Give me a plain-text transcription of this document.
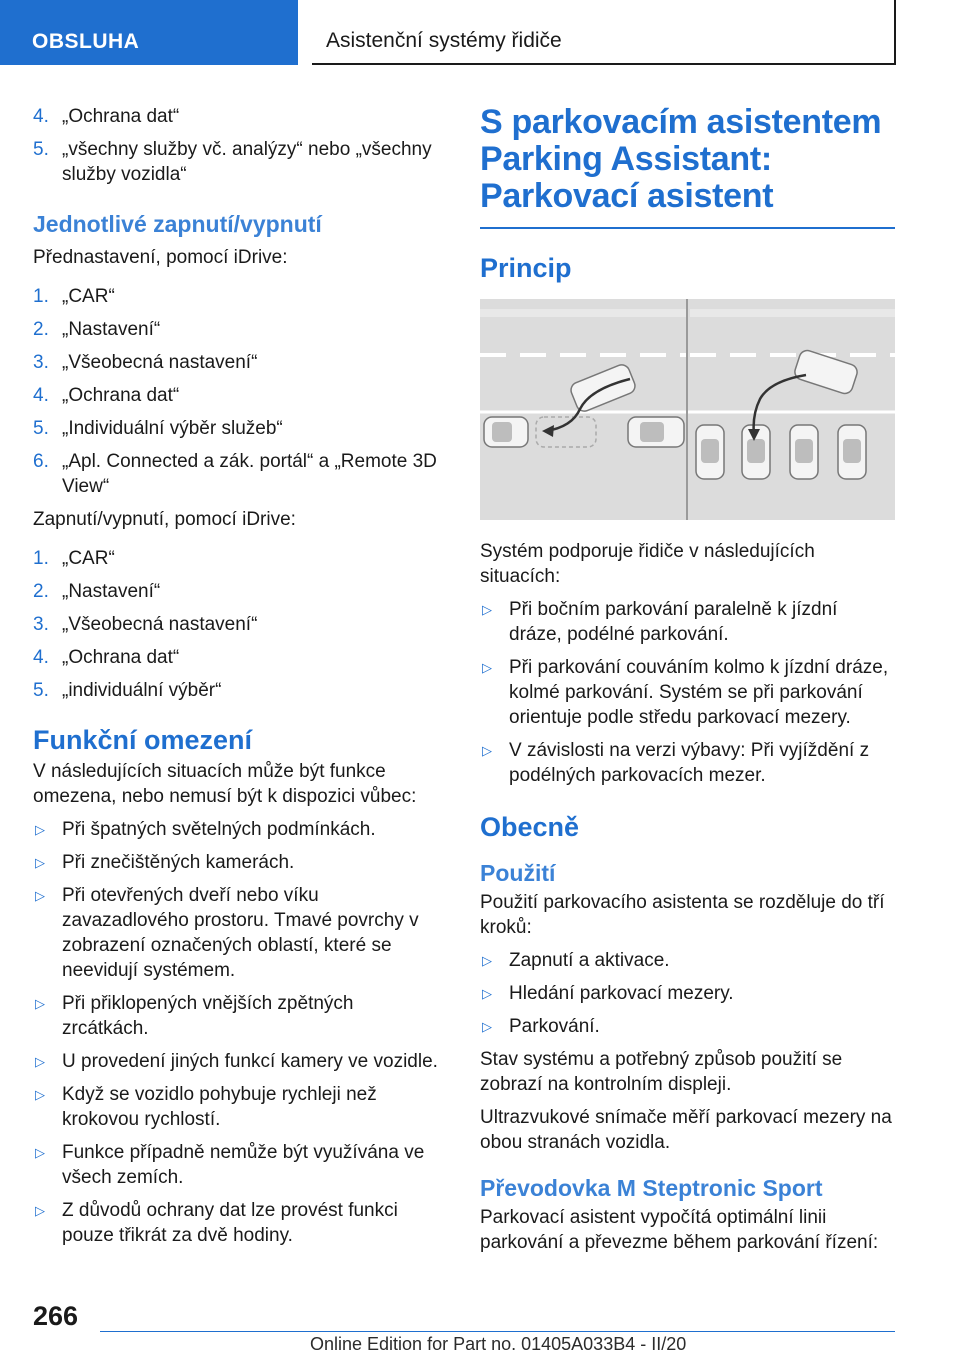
OBSLUHA	Asistenční systémy řidiče
4. „Ochrana dat“
5. „všechny služby vč. analýzy“ nebo „všechny služby vozidla“
Jednotlivé zapnutí/vypnutí

Přednastavení, pomocí iDrive:

1. „CAR“
2. „Nastavení“
3. „Všeobecná nastavení“
4. „Ochrana dat“
5. „Individuální výběr služeb“
6. „Apl. Connected a zák. portál“ a „Remote 3D View“

Zapnutí/vypnutí, pomocí iDrive:

1. „CAR“
2. „Nastavení“
3. „Všeobecná nastavení“
4. „Ochrana dat“
5. „individuální výběr“
Funkční omezení

V následujících situacích může být funkce omezena, nebo nemusí být k dispozici vůbec:

▷ Při špatných světelných podmínkách.
▷ Při znečištěných kamerách.
▷ Při otevřených dveří nebo víku zavazadlového prostoru. Tmavé povrchy v zobrazení označených oblastí, které se neevidují systémem.
▷ Při přiklopených vnějších zpětných zrcátkách.
▷ U provedení jiných funkcí kamery ve vozidle.
▷ Když se vozidlo pohybuje rychleji než krokovou rychlostí.
▷ Funkce případně nemůže být využívána ve všech zemích.
▷ Z důvodů ochrany dat lze provést funkci pouze třikrát za dvě hodiny.
S parkovacím asistentem Parking Assistant: Parkovací asistent
Princip

Systém podporuje řidiče v následujících situacích:

▷ Při bočním parkování paralelně k jízdní dráze, podélné parkování.
▷ Při parkování couváním kolmo k jízdní dráze, kolmé parkování. Systém se při parkování orientuje podle středu parkovací mezery.
▷ V závislosti na verzi výbavy: Při vyjíždění z podélných parkovacích mezer.
Obecně
Použití

Použití parkovacího asistenta se rozděluje do tří kroků:

▷ Zapnutí a aktivace.
▷ Hledání parkovací mezery.
▷ Parkování.

Stav systému a potřebný způsob použití se zobrazí na kontrolním displeji.

Ultrazvukové snímače měří parkovací mezery na obou stranách vozidla.

Převodovka M Steptronic Sport

Parkovací asistent vypočítá optimální linii parkování a převezme během parkování řízení:

266
Online Edition for Part no. 01405A033B4 - II/20
